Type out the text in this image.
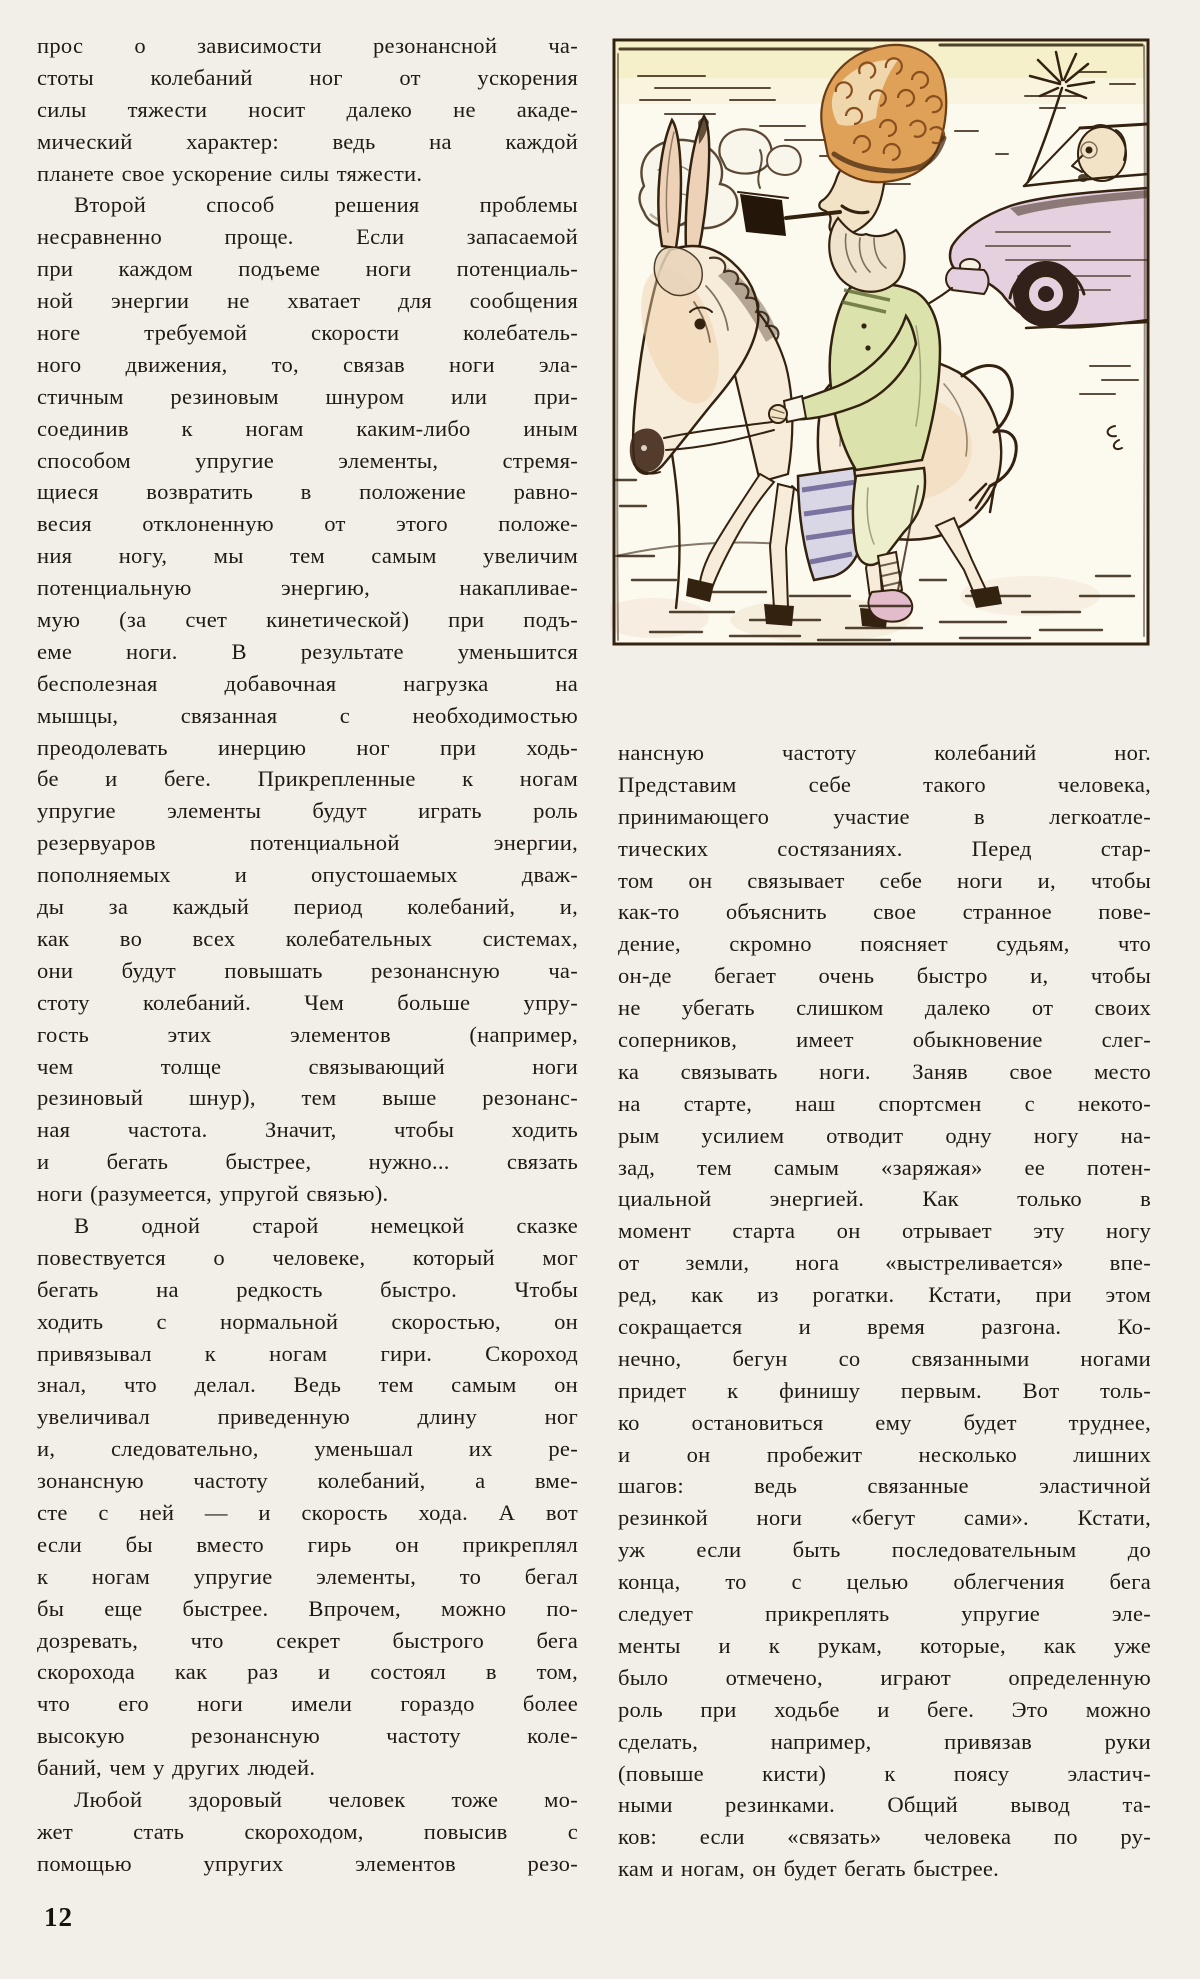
прос о зависимости резонансной ча-
стоты колебаний ног от ускорения
силы тяжести носит далеко не акаде-
мический характер: ведь на каждой
планете свое ускорение силы тяжести.
Второй способ решения проблемы
несравненно проще. Если запасаемой
при каждом подъеме ноги потенциаль-
ной энергии не хватает для сообщения
ноге требуемой скорости колебатель-
ного движения, то, связав ноги эла-
стичным резиновым шнуром или при-
соединив к ногам каким-либо иным
способом упругие элементы, стремя-
щиеся возвратить в положение равно-
весия отклоненную от этого положе-
ния ногу, мы тем самым увеличим
потенциальную энергию, накапливае-
мую (за счет кинетической) при подъ-
еме ноги. В результате уменьшится
бесполезная добавочная нагрузка на
мышцы, связанная с необходимостью
преодолевать инерцию ног при ходь-
бе и беге. Прикрепленные к ногам
упругие элементы будут играть роль
резервуаров потенциальной энергии,
пополняемых и опустошаемых дваж-
ды за каждый период колебаний, и,
как во всех колебательных системах,
они будут повышать резонансную ча-
стоту колебаний. Чем больше упру-
гость этих элементов (например,
чем толще связывающий ноги
резиновый шнур), тем выше резонанс-
ная частота. Значит, чтобы ходить
и бегать быстрее, нужно... связать
ноги (разумеется, упругой связью).
В одной старой немецкой сказке
повествуется о человеке, который мог
бегать на редкость быстро. Чтобы
ходить с нормальной скоростью, он
привязывал к ногам гири. Скороход
знал, что делал. Ведь тем самым он
увеличивал приведенную длину ног
и, следовательно, уменьшал их ре-
зонансную частоту колебаний, а вме-
сте с ней — и скорость хода. А вот
если бы вместо гирь он прикреплял
к ногам упругие элементы, то бегал
бы еще быстрее. Впрочем, можно по-
дозревать, что секрет быстрого бега
скорохода как раз и состоял в том,
что его ноги имели гораздо более
высокую резонансную частоту коле-
баний, чем у других людей.
Любой здоровый человек тоже мо-
жет стать скороходом, повысив с
помощью упругих элементов резо-
нансную частоту колебаний ног.
Представим себе такого человека,
принимающего участие в легкоатле-
тических состязаниях. Перед стар-
том он связывает себе ноги и, чтобы
как-то объяснить свое странное пове-
дение, скромно поясняет судьям, что
он-де бегает очень быстро и, чтобы
не убегать слишком далеко от своих
соперников, имеет обыкновение слег-
ка связывать ноги. Заняв свое место
на старте, наш спортсмен с некото-
рым усилием отводит одну ногу на-
зад, тем самым «заряжая» ее потен-
циальной энергией. Как только в
момент старта он отрывает эту ногу
от земли, нога «выстреливается» впе-
ред, как из рогатки. Кстати, при этом
сокращается и время разгона. Ко-
нечно, бегун со связанными ногами
придет к финишу первым. Вот толь-
ко остановиться ему будет труднее,
и он пробежит несколько лишних
шагов: ведь связанные эластичной
резинкой ноги «бегут сами». Кстати,
уж если быть последовательным до
конца, то с целью облегчения бега
следует прикреплять упругие эле-
менты и к рукам, которые, как уже
было отмечено, играют определенную
роль при ходьбе и беге. Это можно
сделать, например, привязав руки
(повыше кисти) к поясу эластич-
ными резинками. Общий вывод та-
ков: если «связать» человека по ру-
кам и ногам, он будет бегать быстрее.
12
